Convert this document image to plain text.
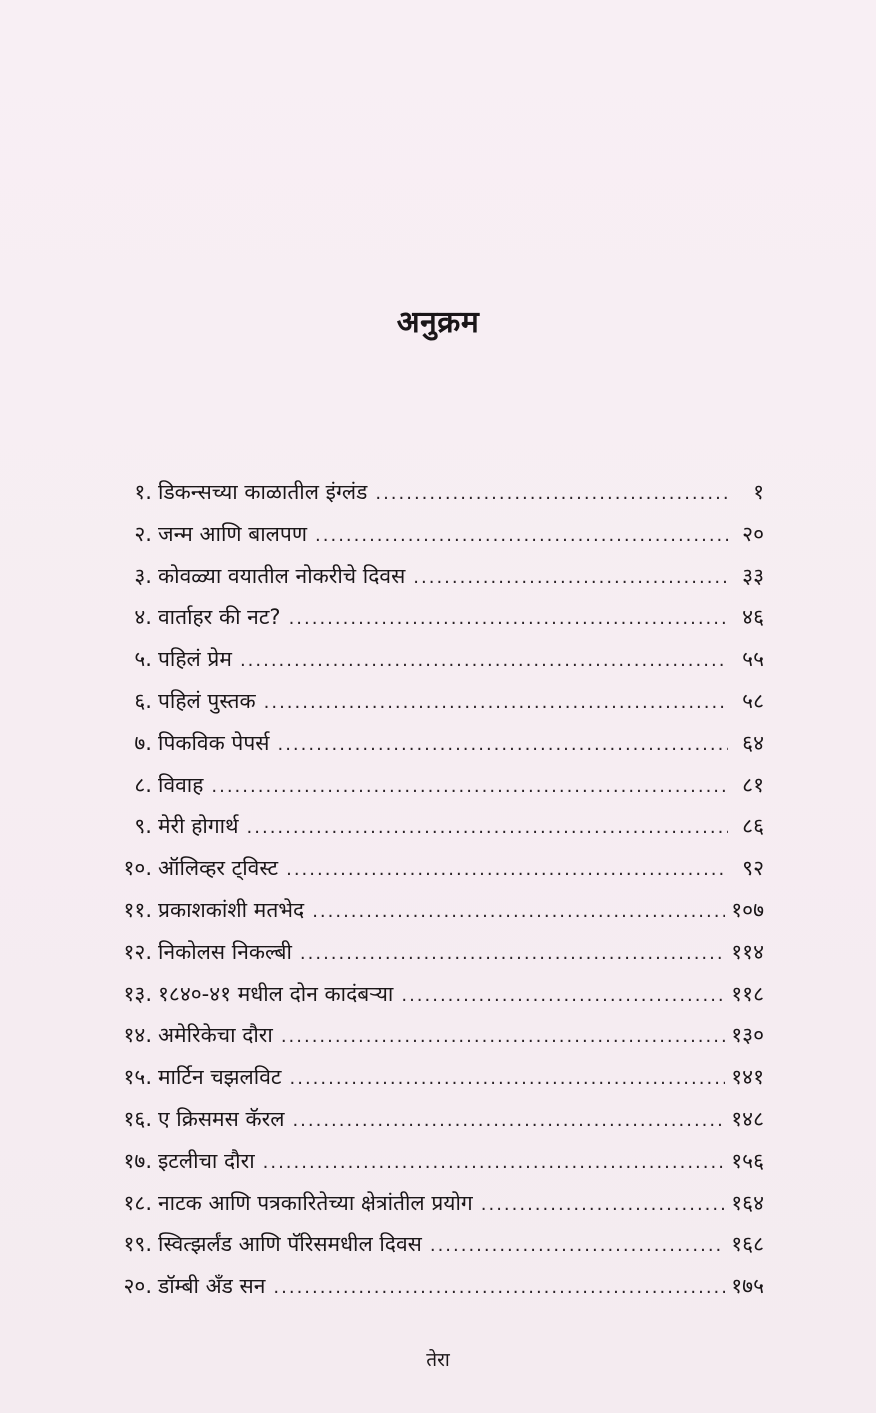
अनुक्रम
१. डिकन्सच्या काळातील इंग्लंड .....	१
२. जन्म आणि बालपण .....	२०
३. कोवळ्या वयातील नोकरीचे दिवस .....	३३
४. वार्ताहर की नट? .....	४६
५. पहिलं प्रेम .....	५५
६. पहिलं पुस्तक .....	५८
७. पिकविक पेपर्स .....	६४
८. विवाह .....	८१
९. मेरी होगार्थ .....	८६
१०. ऑलिव्हर ट्विस्ट .....	९२
११. प्रकाशकांशी मतभेद .....	१०७
१२. निकोलस निकल्बी .....	११४
१३. १८४०-४१ मधील दोन कादंबऱ्या .....	११८
१४. अमेरिकेचा दौरा .....	१३०
१५. मार्टिन चझलविट .....	१४१
१६. ए क्रिसमस कॅरल .....	१४८
१७. इटलीचा दौरा .....	१५६
१८. नाटक आणि पत्रकारितेच्या क्षेत्रांतील प्रयोग .....	१६४
१९. स्वित्झर्लंड आणि पॅरिसमधील दिवस .....	१६८
२०. डॉम्बी अँड सन .....	१७५
तेरा
